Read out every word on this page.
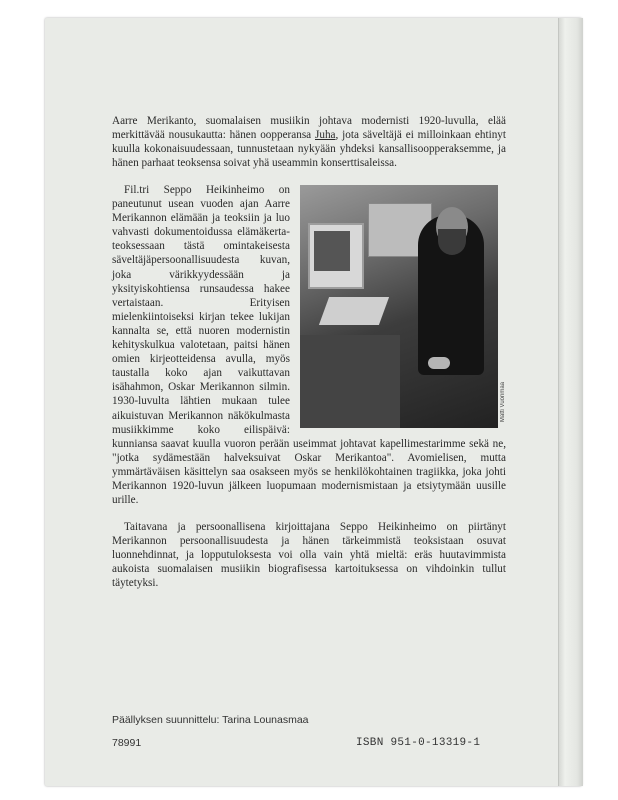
Aarre Merikanto, suomalaisen musiikin johtava modernisti 1920-luvulla, elää merkittävää nousukautta: hänen oopperansa Juha, jota säveltäjä ei milloinkaan ehtinyt kuulla kokonaisuudessaan, tunnustetaan nykyään yhdeksi kansallisoopperaksemme, ja hänen parhaat teoksensa soivat yhä useammin konserttisaleissa.

Matti Vuorimaa

Fil.tri Seppo Heikinheimo on paneutunut usean vuoden ajan Aarre Merikannon elämään ja teoksiin ja luo vahvasti dokumentoidussa elämäkertateoksessaan tästä omintakeisesta säveltäjäpersoonallisuudesta kuvan, joka värikkyydessään ja yksityiskohtiensa runsaudessa hakee vertaistaan. Erityisen mielenkiintoiseksi kirjan tekee lukijan kannalta se, että nuoren modernistin kehityskulkua valotetaan, paitsi hänen omien kirjeotteidensa avulla, myös taustalla koko ajan vaikuttavan isähahmon, Oskar Merikannon silmin. 1930-luvulta lähtien mukaan tulee aikuistuvan Merikannon näkökulmasta musiikkimme koko eilispäivä: kunniansa saavat kuulla vuoron perään useimmat johtavat kapellimestarimme sekä ne, "jotka sydämestään halveksuivat Oskar Merikantoa". Avomielisen, mutta ymmärtäväisen käsittelyn saa osakseen myös se henkilökohtainen tragiikka, joka johti Merikannon 1920-luvun jälkeen luopumaan modernismistaan ja etsiytymään uusille urille.

Taitavana ja persoonallisena kirjoittajana Seppo Heikinheimo on piirtänyt Merikannon persoonallisuudesta ja hänen tärkeimmistä teoksistaan osuvat luonnehdinnat, ja lopputuloksesta voi olla vain yhtä mieltä: eräs huutavimmista aukoista suomalaisen musiikin biografisessa kartoituksessa on vihdoinkin tullut täytetyksi.

Päällyksen suunnittelu: Tarina Lounasmaa
78991	ISBN 951-0-13319-1
